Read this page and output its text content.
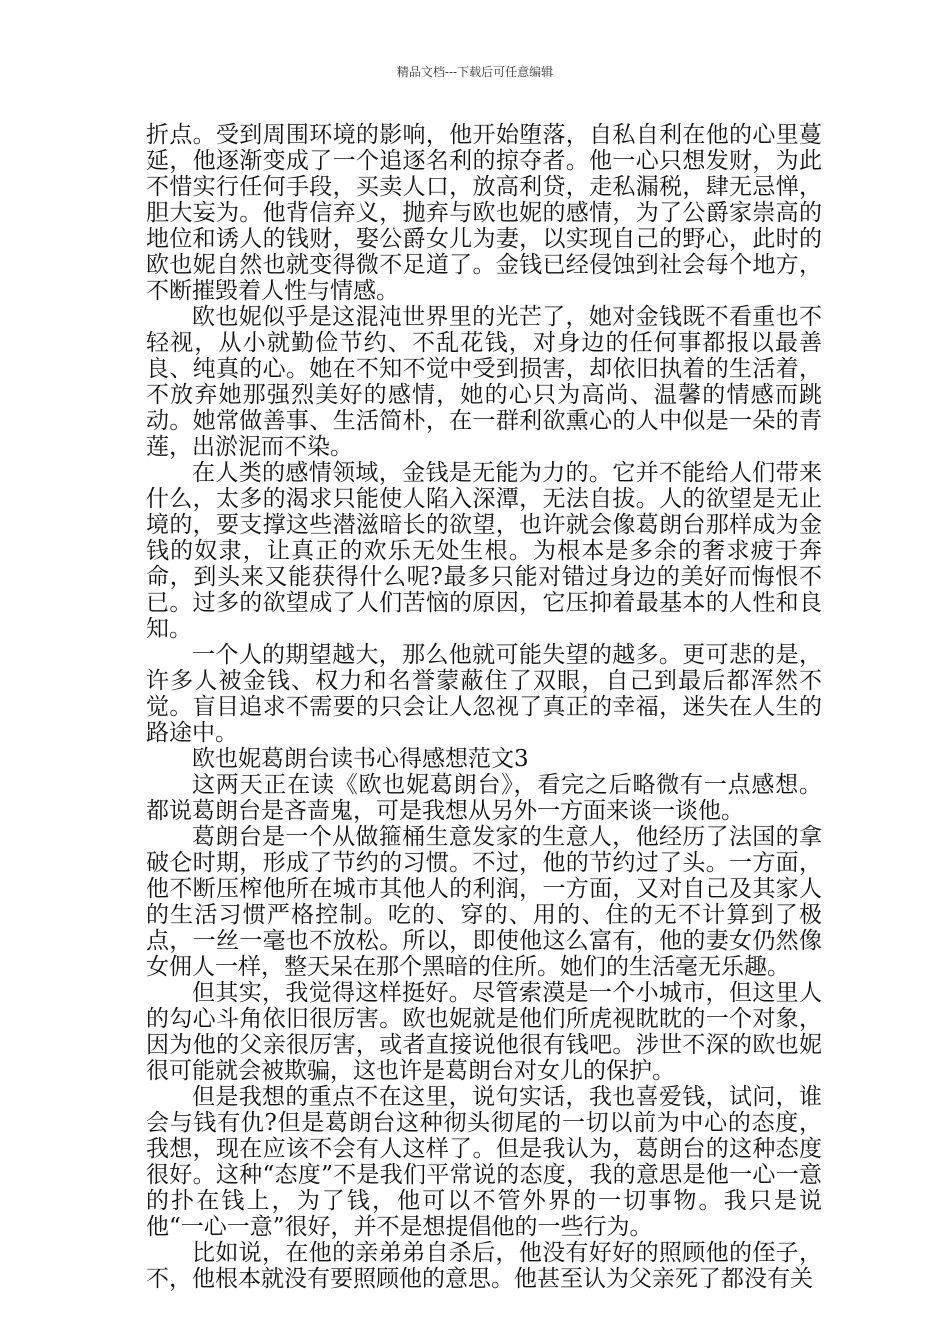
精品文档---下载后可任意编辑

折点。受到周围环境的影响，他开始堕落，自私自利在他的心里蔓延，他逐渐变成了一个追逐名利的掠夺者。他一心只想发财，为此不惜实行任何手段，买卖人口，放高利贷，走私漏税，肆无忌惮，胆大妄为。他背信弃义，抛弃与欧也妮的感情，为了公爵家崇高的地位和诱人的钱财，娶公爵女儿为妻，以实现自己的野心，此时的欧也妮自然也就变得微不足道了。金钱已经侵蚀到社会每个地方，不断摧毁着人性与情感。

欧也妮似乎是这混沌世界里的光芒了，她对金钱既不看重也不轻视，从小就勤俭节约、不乱花钱，对身边的任何事都报以最善良、纯真的心。她在不知不觉中受到损害，却依旧执着的生活着，不放弃她那强烈美好的感情，她的心只为高尚、温馨的情感而跳动。她常做善事、生活简朴，在一群利欲熏心的人中似是一朵的青莲，出淤泥而不染。

在人类的感情领域，金钱是无能为力的。它并不能给人们带来什么，太多的渴求只能使人陷入深潭，无法自拔。人的欲望是无止境的，要支撑这些潜滋暗长的欲望，也许就会像葛朗台那样成为金钱的奴隶，让真正的欢乐无处生根。为根本是多余的奢求疲于奔命，到头来又能获得什么呢?最多只能对错过身边的美好而悔恨不已。过多的欲望成了人们苦恼的原因，它压抑着最基本的人性和良知。

一个人的期望越大，那么他就可能失望的越多。更可悲的是，许多人被金钱、权力和名誉蒙蔽住了双眼，自己到最后都浑然不觉。盲目追求不需要的只会让人忽视了真正的幸福，迷失在人生的路途中。

欧也妮葛朗台读书心得感想范文3

这两天正在读《欧也妮葛朗台》，看完之后略微有一点感想。都说葛朗台是吝啬鬼，可是我想从另外一方面来谈一谈他。

葛朗台是一个从做箍桶生意发家的生意人，他经历了法国的拿破仑时期，形成了节约的习惯。不过，他的节约过了头。一方面，他不断压榨他所在城市其他人的利润，一方面，又对自己及其家人的生活习惯严格控制。吃的、穿的、用的、住的无不计算到了极点，一丝一毫也不放松。所以，即使他这么富有，他的妻女仍然像女佣人一样，整天呆在那个黑暗的住所。她们的生活毫无乐趣。

但其实，我觉得这样挺好。尽管索漠是一个小城市，但这里人的勾心斗角依旧很厉害。欧也妮就是他们所虎视眈眈的一个对象，因为他的父亲很厉害，或者直接说他很有钱吧。涉世不深的欧也妮很可能就会被欺骗，这也许是葛朗台对女儿的保护。

但是我想的重点不在这里，说句实话，我也喜爱钱，试问，谁会与钱有仇?但是葛朗台这种彻头彻尾的一切以前为中心的态度，我想，现在应该不会有人这样了。但是我认为，葛朗台的这种态度很好。这种“态度”不是我们平常说的态度，我的意思是他一心一意的扑在钱上，为了钱，他可以不管外界的一切事物。我只是说他“一心一意”很好，并不是想提倡他的一些行为。

比如说，在他的亲弟弟自杀后，他没有好好的照顾他的侄子，不，他根本就没有要照顾他的意思。他甚至认为父亲死了都没有关
